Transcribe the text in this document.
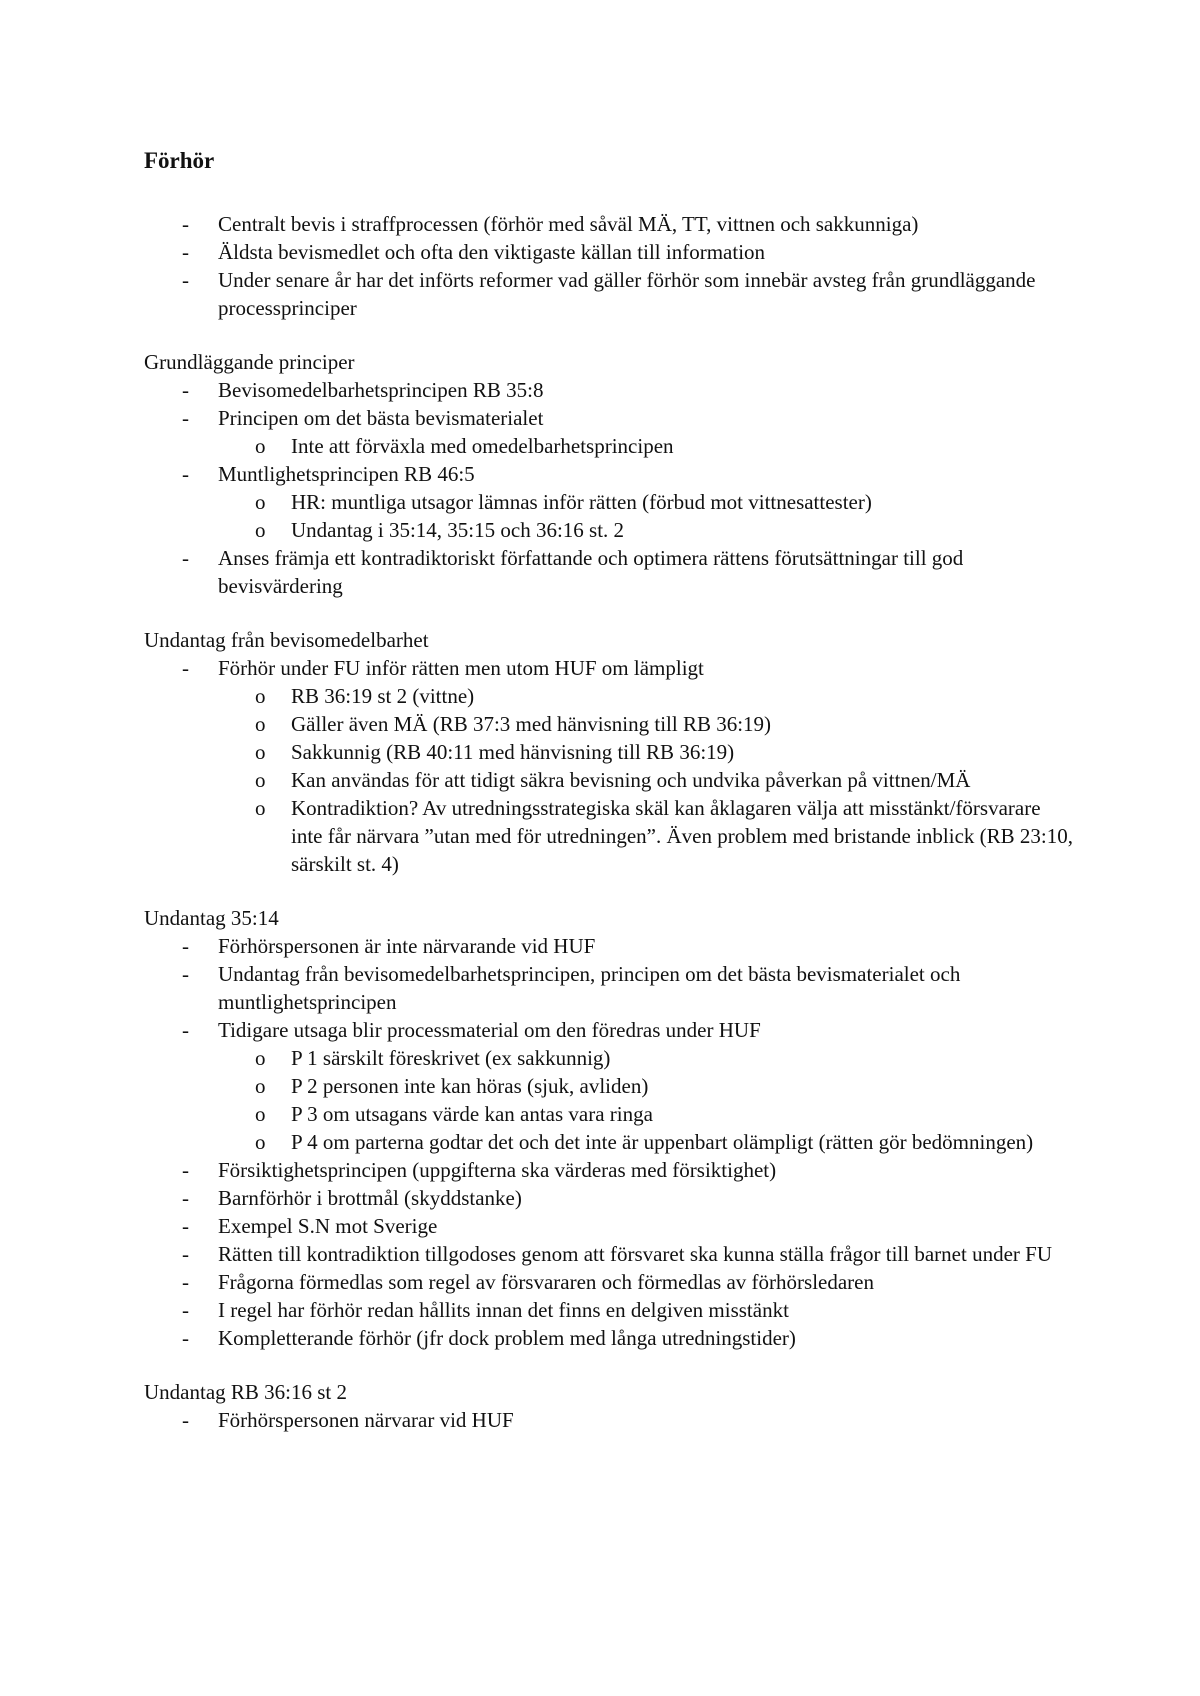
Förhör
- Centralt bevis i straffprocessen (förhör med såväl MÄ, TT, vittnen och sakkunniga)
- Äldsta bevismedlet och ofta den viktigaste källan till information
- Under senare år har det införts reformer vad gäller förhör som innebär avsteg från grundläggande processprinciper
Grundläggande principer
- Bevisomedelbarhetsprincipen RB 35:8
- Principen om det bästa bevismaterialet
o	Inte att förväxla med omedelbarhetsprincipen
- Muntlighetsprincipen RB 46:5
o	HR: muntliga utsagor lämnas inför rätten (förbud mot vittnesattester)
o	Undantag i 35:14, 35:15 och 36:16 st. 2
- Anses främja ett kontradiktoriskt författande och optimera rättens förutsättningar till god bevisvärdering
Undantag från bevisomedelbarhet
- Förhör under FU inför rätten men utom HUF om lämpligt
o	RB 36:19 st 2 (vittne)
o	Gäller även MÄ (RB 37:3 med hänvisning till RB 36:19)
o	Sakkunnig (RB 40:11 med hänvisning till RB 36:19)
o	Kan användas för att tidigt säkra bevisning och undvika påverkan på vittnen/MÄ
o	Kontradiktion? Av utredningsstrategiska skäl kan åklagaren välja att misstänkt/försvarare inte får närvara ”utan med för utredningen”. Även problem med bristande inblick (RB 23:10, särskilt st. 4)
Undantag 35:14
- Förhörspersonen är inte närvarande vid HUF
- Undantag från bevisomedelbarhetsprincipen, principen om det bästa bevismaterialet och muntlighetsprincipen
- Tidigare utsaga blir processmaterial om den föredras under HUF
o	P 1 särskilt föreskrivet (ex sakkunnig)
o	P 2 personen inte kan höras (sjuk, avliden)
o	P 3 om utsagans värde kan antas vara ringa
o	P 4 om parterna godtar det och det inte är uppenbart olämpligt (rätten gör bedömningen)
- Försiktighetsprincipen (uppgifterna ska värderas med försiktighet)
- Barnförhör i brottmål (skyddstanke)
- Exempel S.N mot Sverige
- Rätten till kontradiktion tillgodoses genom att försvaret ska kunna ställa frågor till barnet under FU
- Frågorna förmedlas som regel av försvararen och förmedlas av förhörsledaren
- I regel har förhör redan hållits innan det finns en delgiven misstänkt
- Kompletterande förhör (jfr dock problem med långa utredningstider)
Undantag RB 36:16 st 2
- Förhörspersonen närvarar vid HUF
